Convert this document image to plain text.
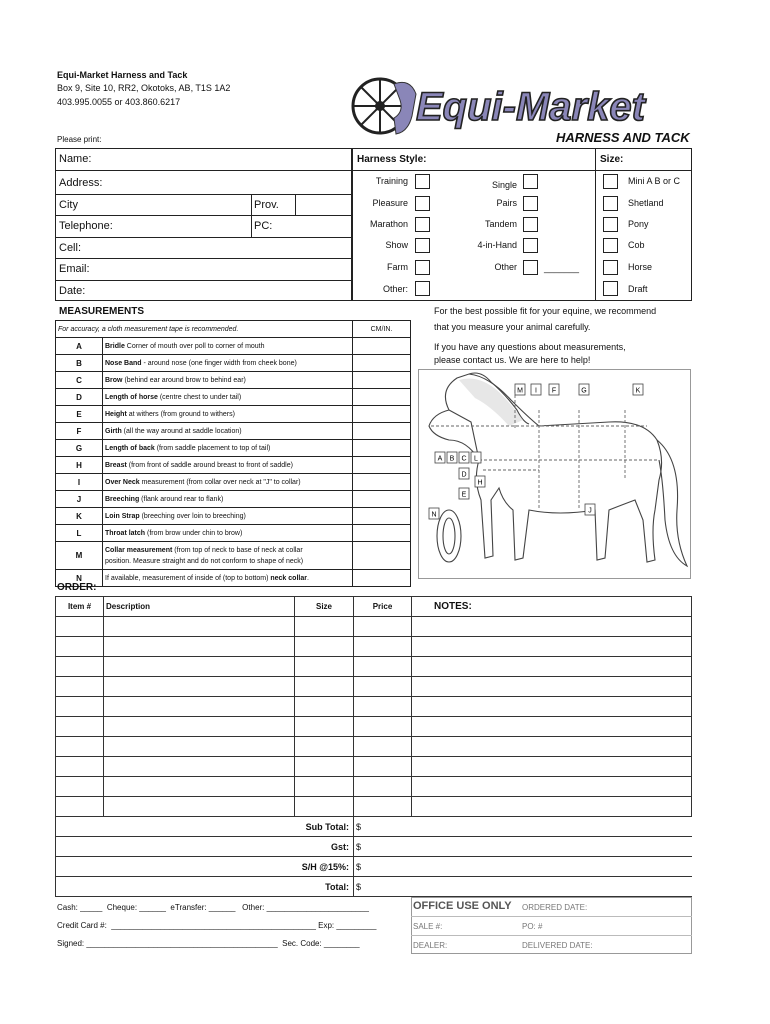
Equi-Market Harness and Tack
Box 9, Site 10, RR2, Okotoks, AB, T1S 1A2
403.995.0055 or 403.860.6217	Equi-Market
HARNESS AND TACK
Please print:
Name:
Address:
City	Prov.
Telephone:	PC:
Cell:
Email:
Date:
Harness Style:	Size:
Training
Pleasure
Marathon
Show
Farm
Other:
Single
Pairs
Tandem
4-in-Hand
Other	_______
Mini A B or C
Shetland
Pony
Cob
Horse
Draft
MEASUREMENTS
For accuracy, a cloth measurement tape is recommended.		CM/IN.
A	Bridle Corner of mouth over poll to corner of mouth	
B	Nose Band - around nose (one finger width from cheek bone)	
C	Brow (behind ear around brow to behind ear)	
D	Length of horse (centre chest to under tail)	
E	Height at withers (from ground to withers)	
F	Girth (all the way around at saddle location)	
G	Length of back (from saddle placement to top of tail)	
H	Breast (from front of saddle around breast to front of saddle)	
I	Over Neck measurement (from collar over neck at "J" to collar)	
J	Breeching (flank around rear to flank)	
K	Loin Strap (breeching over loin to breeching)	
L	Throat latch (from brow under chin to brow)	
M	Collar measurement (from top of neck to base of neck at collar
position. Measure straight and do not conform to shape of neck)	
N	If available, measurement of inside of (top to bottom) neck collar.	
For the best possible fit for your equine, we recommend
that you measure your animal carefully.
If you have any questions about measurements,
please contact us. We are here to help!
M I F	G	K
A B C L
D
H
E
N
J
ORDER:
Item #	Description	Size	Price	NOTES:

Sub Total:			$	
Gst:			$	
S/H @15%:			$	
Total:			$	
Cash: _____  Cheque: ______  eTransfer: ______   Other: _______________________
Credit Card #:  ______________________________________________ Exp: _________
Signed: ___________________________________________  Sec. Code: ________
OFFICE USE ONLY ORDERED DATE:
SALE #:	PO: #
DEALER:	DELIVERED DATE:
